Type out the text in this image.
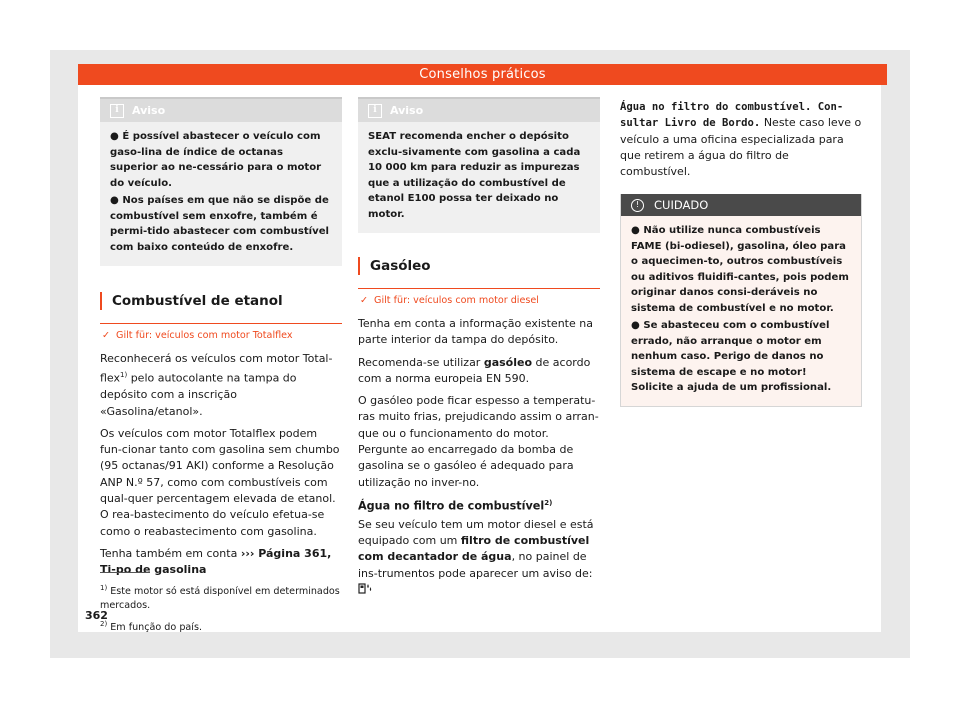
Conselhos práticos
i	Aviso

● É possível abastecer o veículo com gaso-lina de índice de octanas superior ao ne-cessário para o motor do veículo.

● Nos países em que não se dispõe de combustível sem enxofre, também é permi-tido abastecer com combustível com baixo conteúdo de enxofre.

Combustível de etanol
✓ Gilt für: veículos com motor Totalflex

Reconhecerá os veículos com motor Total-flex$^{1)}$ pelo autocolante na tampa do depósito com a inscrição «Gasolina/etanol».

Os veículos com motor Totalflex podem fun-cionar tanto com gasolina sem chumbo (95 octanas/91 AKI) conforme a Resolução ANP N.º 57, como com combustíveis com qual-quer percentagem elevada de etanol. O rea-bastecimento do veículo efetua-se como o reabastecimento com gasolina.

Tenha também em conta ››› Página 361, Ti-po de gasolina

i	Aviso

SEAT recomenda encher o depósito exclu-sivamente com gasolina a cada 10 000 km para reduzir as impurezas que a utilização do combustível de etanol E100 possa ter deixado no motor.

Gasóleo
✓ Gilt für: veículos com motor diesel

Tenha em conta a informação existente na parte interior da tampa do depósito.

Recomenda-se utilizar gasóleo de acordo com a norma europeia EN 590.

O gasóleo pode ficar espesso a temperatu-ras muito frias, prejudicando assim o arran-que ou o funcionamento do motor. Pergunte ao encarregado da bomba de gasolina se o gasóleo é adequado para utilização no inver-no.

Água no filtro de combustível$^{2)}$

Se seu veículo tem um motor diesel e está equipado com um filtro de combustível com decantador de água, no painel de ins-trumentos pode aparecer um aviso de:

Água no filtro do combustível. Con-sultar Livro de Bordo. Neste caso leve o veículo a uma oficina especializada para que retirem a água do filtro de combustível.

!	CUIDADO

● Não utilize nunca combustíveis FAME (bi-odiesel), gasolina, óleo para o aquecimen-to, outros combustíveis ou aditivos fluidifi-cantes, pois podem originar danos consi-deráveis no sistema de combustível e no motor.

● Se abasteceu com o combustível errado, não arranque o motor em nenhum caso. Perigo de danos no sistema de escape e no motor! Solicite a ajuda de um profissional.

$^{1)}$ Este motor só está disponível em determinados mercados.
$^{2)}$ Em função do país.
362
